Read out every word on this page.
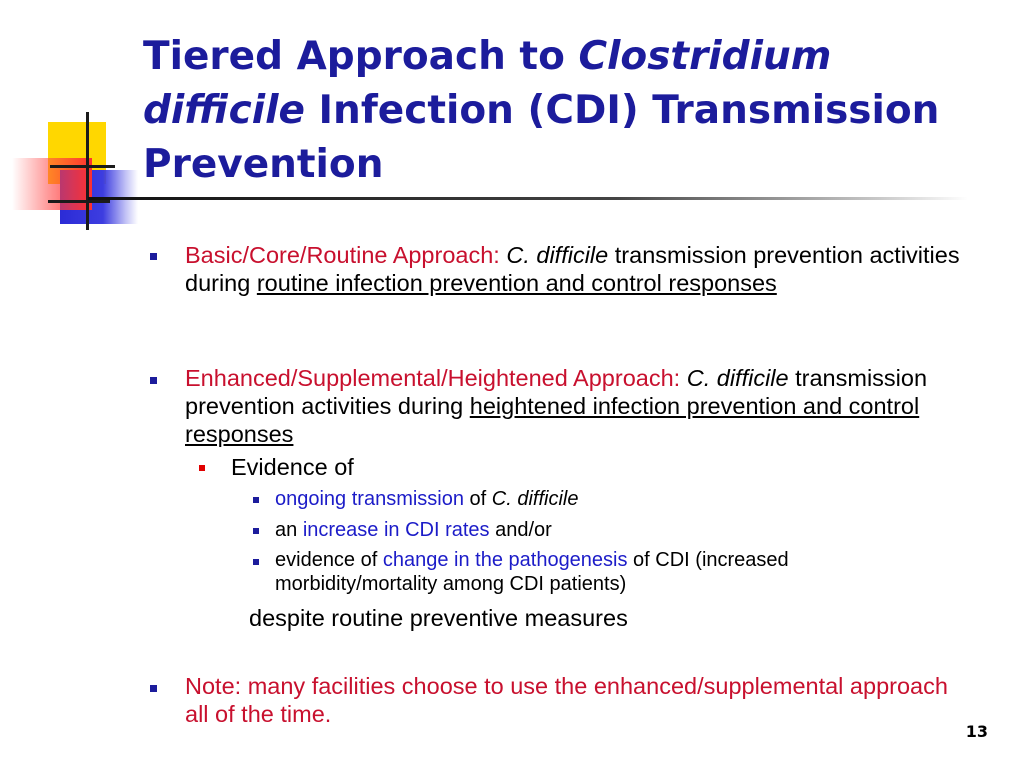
Tiered Approach to Clostridium difficile Infection (CDI) Transmission Prevention
Basic/Core/Routine Approach: C. difficile transmission prevention activities during routine infection prevention and control responses
Enhanced/Supplemental/Heightened Approach: C. difficile transmission prevention activities during heightened infection prevention and control responses
Evidence of
ongoing transmission of C. difficile
an increase in CDI rates and/or
evidence of change in the pathogenesis of CDI (increased morbidity/mortality among CDI patients)
despite routine preventive measures
Note: many facilities choose to use the enhanced/supplemental approach all of the time.
13
